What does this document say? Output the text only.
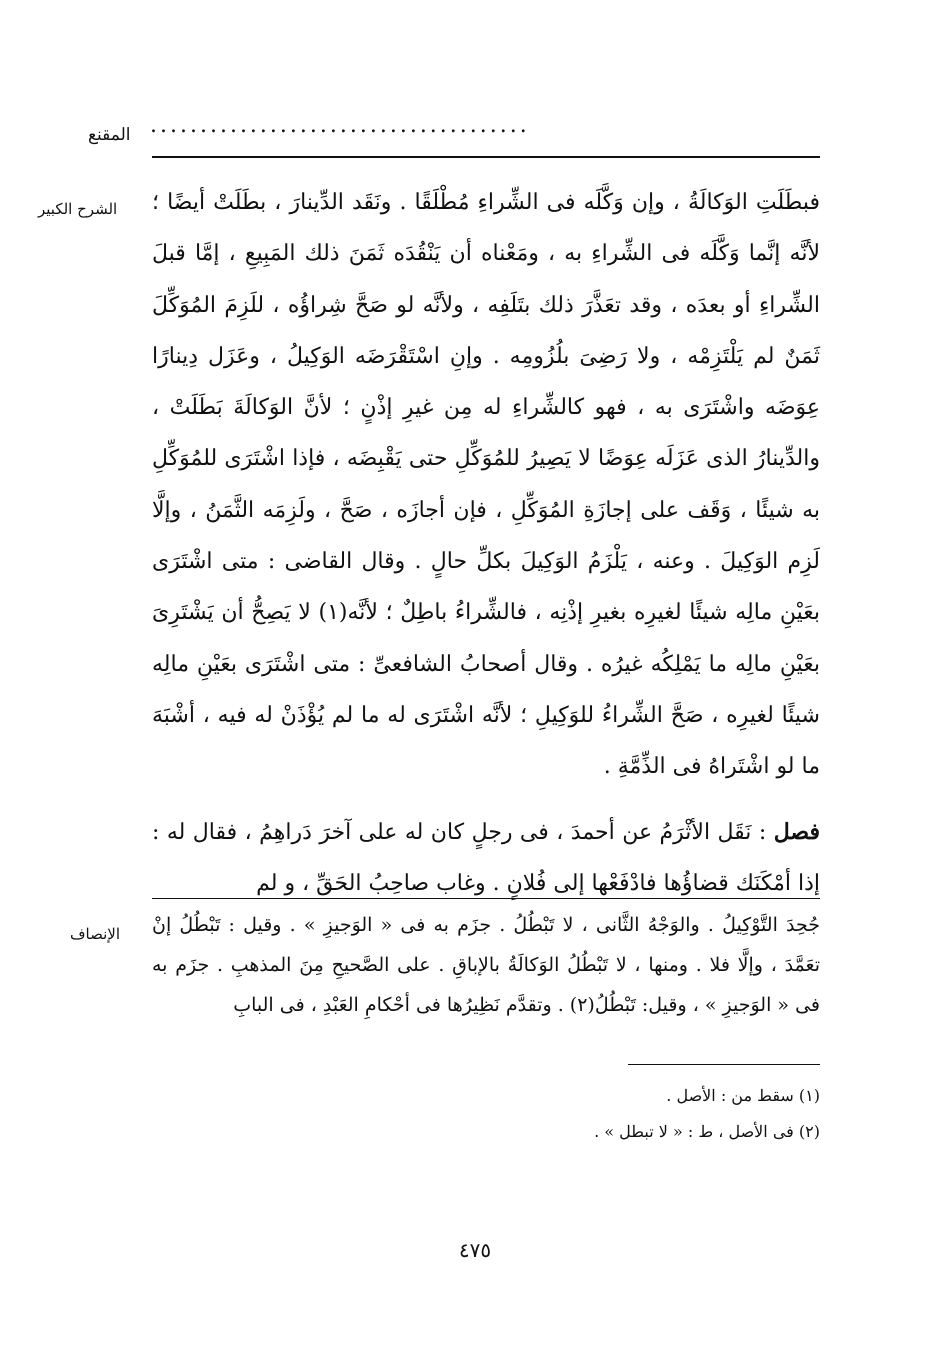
المقنع ......................................
الشرح الكبير فبطَلَتِ الوَكالَةُ ، وإن وَكَّلَه فى الشِّراءِ مُطْلَقًا . ونَقَد الدِّينارَ ، بطَلَتْ أيضًا ؛ لأنَّه إنَّما وَكَّلَه فى الشِّراءِ به ، ومَعْناه أن يَنْقُدَه ثَمَنَ ذلك المَبِيعِ ، إمَّا قبلَ الشِّراءِ أو بعدَه ، وقد تعَذَّرَ ذلك بتَلَفِه ، ولأنَّه لو صَحَّ شِراؤُه ، للَزِمَ المُوَكِّلَ ثَمَنٌ لم يَلْتَزِمْه ، ولا رَضِىَ بلُزُومِه . وإنِ اسْتَقْرَضَه الوَكِيلُ ، وعَزَل دِينارًا عِوَضَه واشْتَرَى به ، فهو كالشِّراءِ له مِن غيرِ إذْنٍ ؛ لأنَّ الوَكالَةَ بَطَلَتْ ، والدِّينارُ الذى عَزَلَه عِوَضًا لا يَصِيرُ للمُوَكِّلِ حتى يَقْبِضَه ، فإذا اشْتَرَى للمُوَكِّلِ به شيئًا ، وَقَف على إجازَةِ المُوَكِّلِ ، فإن أجازَه ، صَحَّ ، ولَزِمَه الثَّمَنُ ، وإلَّا لَزِم الوَكِيلَ . وعنه ، يَلْزَمُ الوَكِيلَ بكلِّ حالٍ . وقال القاضى : متى اشْتَرَى بعَيْنِ مالِه شيئًا لغيرِه بغيرِ إذْنِه ، فالشِّراءُ باطِلٌ ؛ لأنَّه(١) لا يَصِحُّ أن يَشْتَرِىَ بعَيْنِ مالِه ما يَمْلِكُه غيرُه . وقال أصحابُ الشافعىِّ : متى اشْتَرَى بعَيْنِ مالِه شيئًا لغيرِه ، صَحَّ الشِّراءُ للوَكِيلِ ؛ لأنَّه اشْتَرَى له ما لم يُؤْذَنْ له فيه ، أشْبَهَ ما لو اشْتَراهُ فى الذِّمَّةِ .

فصل : نَقَل الأثْرَمُ عن أحمدَ ، فى رجلٍ كان له على آخرَ دَراهِمُ ، فقال له : إذا أمْكَنَك قضاؤُها فادْفَعْها إلى فُلانٍ . وغاب صاحِبُ الحَقِّ ، و لم

الإنصاف جُحِدَ التَّوْكِيلُ . والوَجْهُ الثَّانى ، لا تَبْطُلُ . جزَم به فى « الوَجيزِ » . وقيل : تَبْطُلُ إنْ تعَمَّدَ ، وإلَّا فلا . ومنها ، لا تَبْطُلُ الوَكالَةُ بالإباقِ . على الصَّحيحِ مِنَ المذهبِ . جزَم به فى « الوَجيزِ » ، وقيل: تَبْطُلُ(٢) . وتقدَّم نَظِيرُها فى أحْكامِ العَبْدِ ، فى البابِ

(١) سقط من : الأصل .

(٢) فى الأصل ، ط : « لا تبطل » .

٤٧٥
